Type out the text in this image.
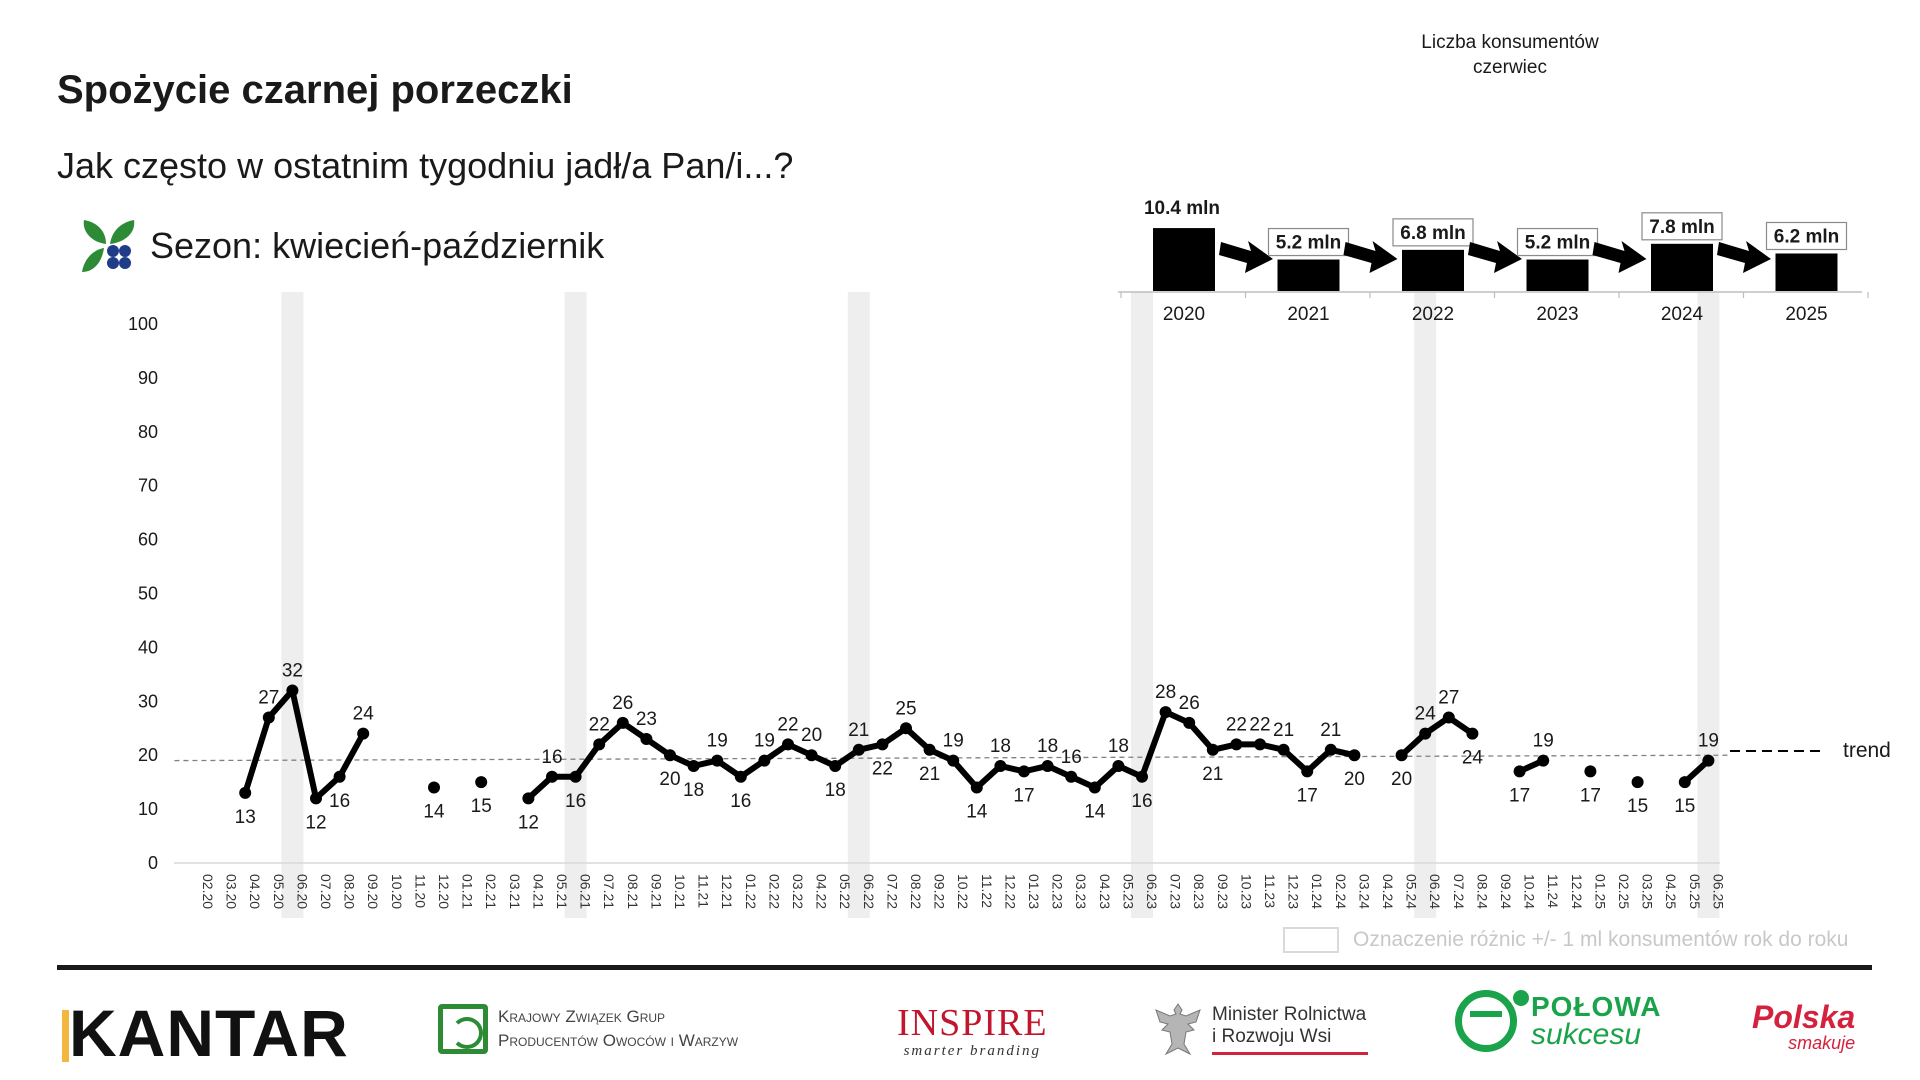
0
10
20
30
40
50
60
70
80
90
100
02.20 03.20 04.20 05.20 06.20 07.20 08.20 09.20 10.20 11.20 12.20 01.21 02.21 03.21 04.21 05.21 06.21 07.21 08.21 09.21 10.21 11.21 12.21 01.22 02.22 03.22 04.22 05.22 06.22 07.22 08.22 09.22 10.22 11.22 12.22 01.23 02.23 03.23 04.23 05.23 06.23 07.23 08.23 09.23 10.23 11.23 12.23 01.24 02.24 03.24 04.24 05.24 06.24 07.24 08.24 09.24 10.24 11.24 12.24 01.25 02.25 03.25 04.25 05.25 06.25
13
27
32
12
16
24
14 15
12
16
16
22
26
23
20
18
19
16
19
22
20
18
21
22
25
21
19
14
18
17
18
16
14
18
16
28
26
21
22 22 21
17
21
20 20
24
27
24
17
19
17
15 15
19
2020
10.4 mln
2021
5.2 mln
2022
6.8 mln
2023
5.2 mln
2024
7.8 mln
2025
6.2 mln
trend
Spożycie czarnej porzeczki
Jak często w ostatnim tygodniu jadł/a Pan/i...?
Sezon: kwiecień-październik
Liczba konsumentów
czerwiec
Oznaczenie różnic +/- 1 ml konsumentów rok do roku
KANTAR	Krajowy Związek Grup
Producentów Owoców i Warzyw	INSPIRE
smarter branding
Minister Rolnictwa
i Rozwoju Wsi
POŁOWA
sukcesu	Polska
smakuje
